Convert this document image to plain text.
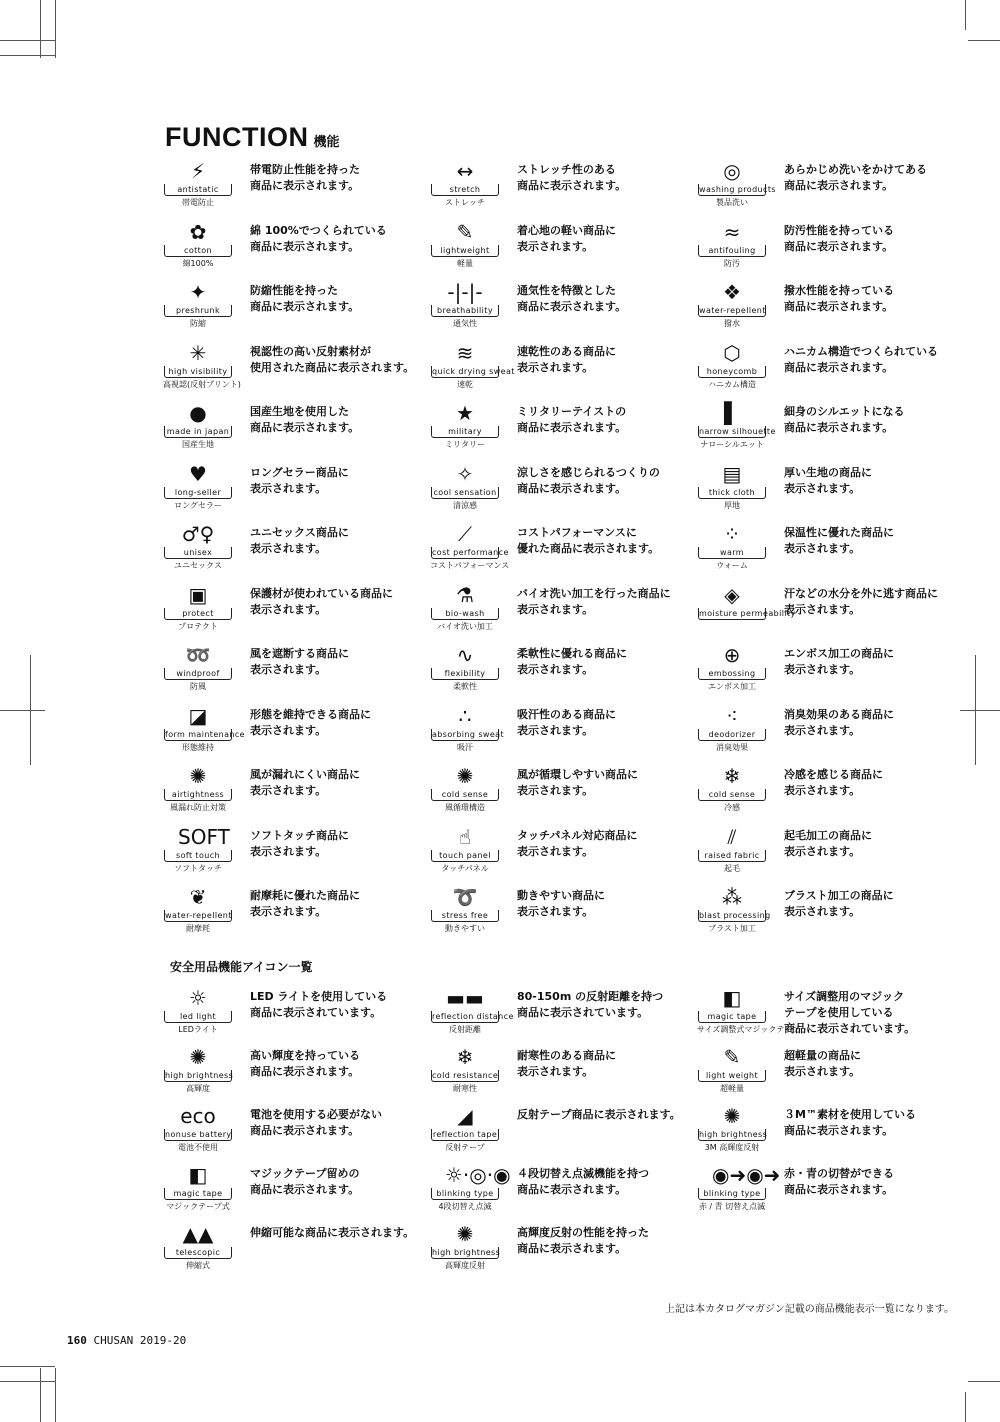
FUNCTION 機能
⚡
antistatic
帯電防止
帯電防止性能を持った
商品に表示されます。
✿
cotton
綿100%
綿 100%でつくられている
商品に表示されます。
✦
preshrunk
防縮
防縮性能を持った
商品に表示されます。
✳
high visibility
高視認(反射プリント)
視認性の高い反射素材が
使用された商品に表示されます。
●
made in japan
国産生地
国産生地を使用した
商品に表示されます。
♥
long-seller
ロングセラー
ロングセラー商品に
表示されます。
♂♀
unisex
ユニセックス
ユニセックス商品に
表示されます。
▣
protect
プロテクト
保護材が使われている商品に
表示されます。
➿
windproof
防風
風を遮断する商品に
表示されます。
◪
form maintenance
形態維持
形態を維持できる商品に
表示されます。
✺
airtightness
風漏れ防止対策
風が漏れにくい商品に
表示されます。
SOFT
soft touch
ソフトタッチ
ソフトタッチ商品に
表示されます。
❦
water-repellent
耐摩耗
耐摩耗に優れた商品に
表示されます。
↔
stretch
ストレッチ
ストレッチ性のある
商品に表示されます。
✎
lightweight
軽量
着心地の軽い商品に
表示されます。
-|-|-
breathability
通気性
通気性を特徴とした
商品に表示されます。
≋
quick drying sweat
速乾
速乾性のある商品に
表示されます。
★
military
ミリタリー
ミリタリーテイストの
商品に表示されます。
✧
cool sensation
清涼感
涼しさを感じられるつくりの
商品に表示されます。
⟋
cost performance
コストパフォーマンス
コストパフォーマンスに
優れた商品に表示されます。
⚗
bio-wash
バイオ洗い加工
バイオ洗い加工を行った商品に
表示されます。
∿
flexibility
柔軟性
柔軟性に優れる商品に
表示されます。
∴
absorbing sweat
吸汗
吸汗性のある商品に
表示されます。
✺
cold sense
風循環構造
風が循環しやすい商品に
表示されます。
☝
touch panel
タッチパネル
タッチパネル対応商品に
表示されます。
➰
stress free
動きやすい
動きやすい商品に
表示されます。
◎
washing products
製品洗い
あらかじめ洗いをかけてある
商品に表示されます。
≈
antifouling
防汚
防汚性能を持っている
商品に表示されます。
❖
water-repellent
撥水
撥水性能を持っている
商品に表示されます。
⬡
honeycomb
ハニカム構造
ハニカム構造でつくられている
商品に表示されます。
▌
narrow silhouette
ナローシルエット
細身のシルエットになる
商品に表示されます。
▤
thick cloth
厚地
厚い生地の商品に
表示されます。
⁘
warm
ウォーム
保温性に優れた商品に
表示されます。
◈
moisture permeability
汗などの水分を外に逃す商品に
表示されます。
⊕
embossing
エンボス加工
エンボス加工の商品に
表示されます。
⁖
deodorizer
消臭効果
消臭効果のある商品に
表示されます。
❄
cold sense
冷感
冷感を感じる商品に
表示されます。
⫽
raised fabric
起毛
起毛加工の商品に
表示されます。
⁂
blast processing
ブラスト加工
ブラスト加工の商品に
表示されます。
安全用品機能アイコン一覧
☼
led light
LEDライト
LED ライトを使用している
商品に表示されています。
✺
high brightness
高輝度
高い輝度を持っている
商品に表示されます。
eco
nonuse battery
電池不使用
電池を使用する必要がない
商品に表示されます。
◧
magic tape
マジックテープ式
マジックテープ留めの
商品に表示されます。
▲▲
telescopic
伸縮式
伸縮可能な商品に表示されます。
▬▬
reflection distance
反射距離
80-150m の反射距離を持つ
商品に表示されています。
❄
cold resistance
耐寒性
耐寒性のある商品に
表示されます。
◢
reflection tape
反射テープ
反射テープ商品に表示されます。
☼·◎·◉
blinking type
4段切替え点滅
４段切替え点滅機能を持つ
商品に表示されます。
✺
high brightness
高輝度反射
高輝度反射の性能を持った
商品に表示されます。
◧
magic tape
サイズ調整式マジックテープ
サイズ調整用のマジック
テープを使用している
商品に表示されています。
✎
light weight
超軽量
超軽量の商品に
表示されます。
✺
high brightness
3M 高輝度反射
３M™素材を使用している
商品に表示されます。
◉➜◉➜
blinking type
赤 / 青 切替え点滅
赤・青の切替ができる
商品に表示されます。
上記は本カタログマガジン記載の商品機能表示一覧になります。
160 CHUSAN 2019-20
